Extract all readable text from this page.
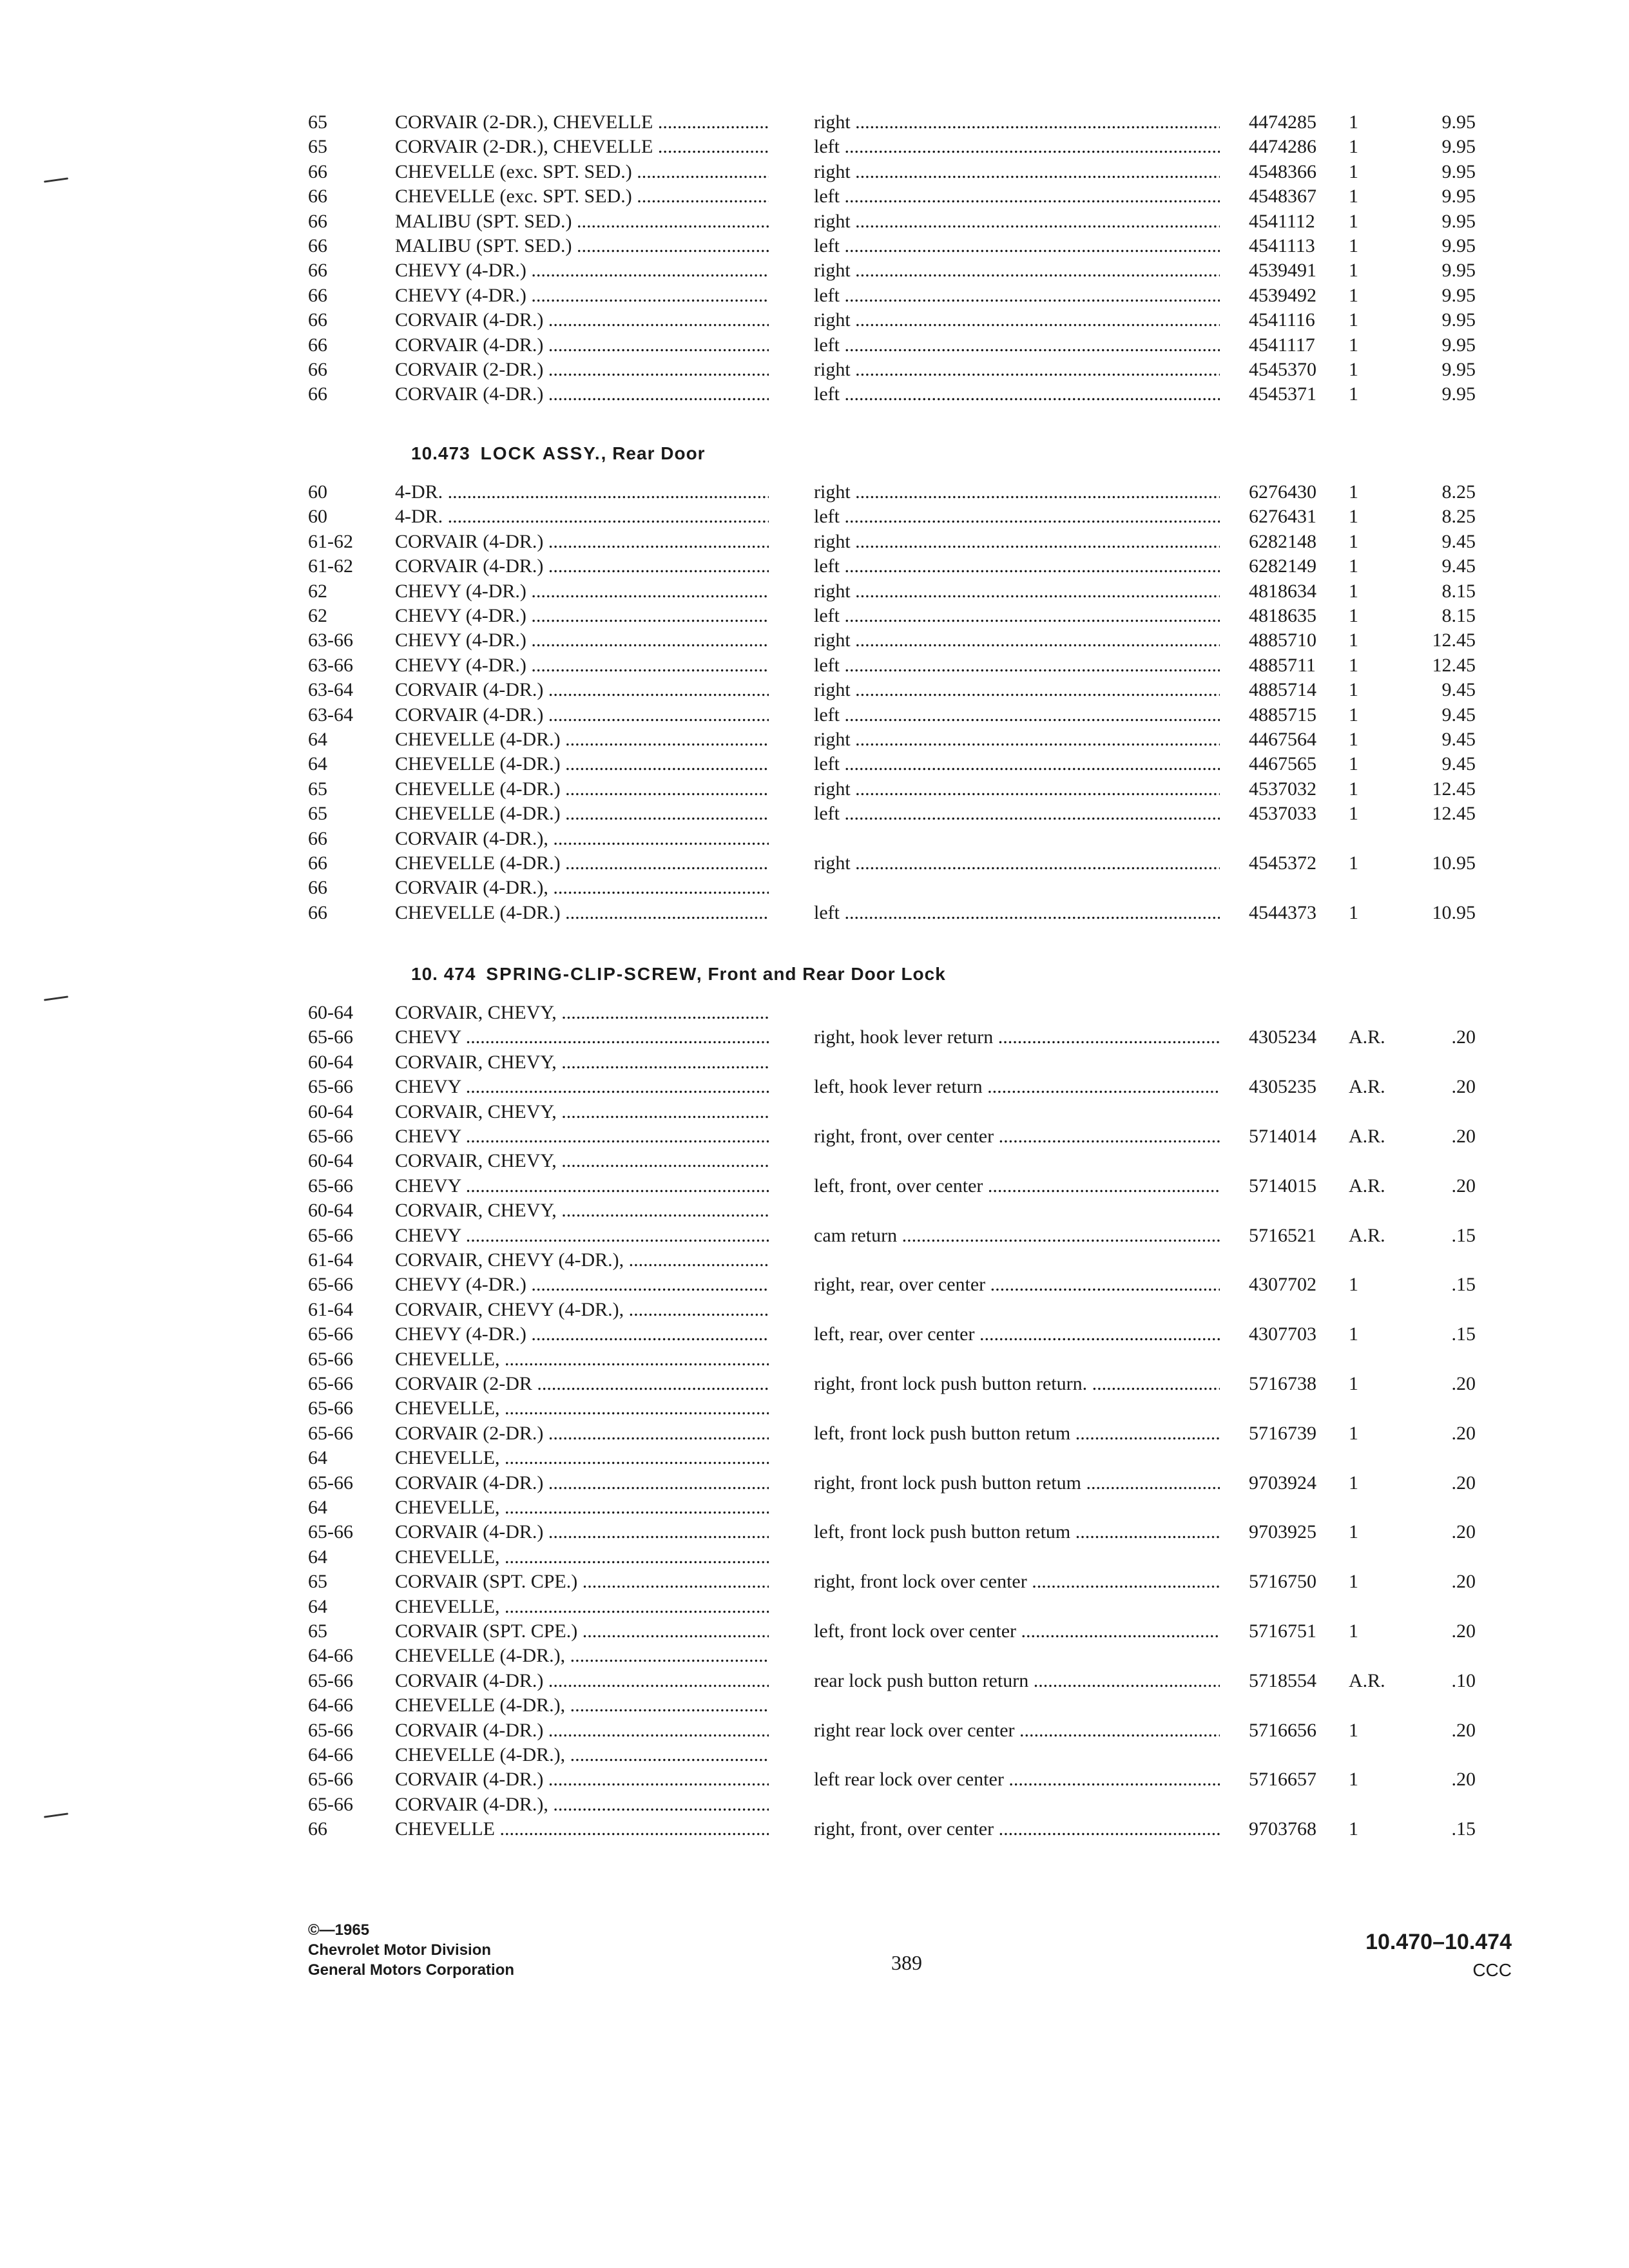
65	CORVAIR (2-DR.), CHEVELLE .....	right .....	4474285	1	9.95
65	CORVAIR (2-DR.), CHEVELLE .....	left .....	4474286	1	9.95
66	CHEVELLE (exc. SPT. SED.) .....	right .....	4548366	1	9.95
66	CHEVELLE (exc. SPT. SED.) .....	left .....	4548367	1	9.95
66	MALIBU (SPT. SED.) .....	right .....	4541112	1	9.95
66	MALIBU (SPT. SED.) .....	left .....	4541113	1	9.95
66	CHEVY (4-DR.) .....	right .....	4539491	1	9.95
66	CHEVY (4-DR.) .....	left .....	4539492	1	9.95
66	CORVAIR (4-DR.) .....	right .....	4541116	1	9.95
66	CORVAIR (4-DR.) .....	left .....	4541117	1	9.95
66	CORVAIR (2-DR.) .....	right .....	4545370	1	9.95
66	CORVAIR (4-DR.) .....	left .....	4545371	1	9.95
10.473 LOCK ASSY., Rear Door
60	4-DR. .....	right .....	6276430	1	8.25
60	4-DR. .....	left .....	6276431	1	8.25
61-62	CORVAIR (4-DR.) .....	right .....	6282148	1	9.45
61-62	CORVAIR (4-DR.) .....	left .....	6282149	1	9.45
62	CHEVY (4-DR.) .....	right .....	4818634	1	8.15
62	CHEVY (4-DR.) .....	left .....	4818635	1	8.15
63-66	CHEVY (4-DR.) .....	right .....	4885710	1	12.45
63-66	CHEVY (4-DR.) .....	left .....	4885711	1	12.45
63-64	CORVAIR (4-DR.) .....	right .....	4885714	1	9.45
63-64	CORVAIR (4-DR.) .....	left .....	4885715	1	9.45
64	CHEVELLE (4-DR.) .....	right .....	4467564	1	9.45
64	CHEVELLE (4-DR.) .....	left .....	4467565	1	9.45
65	CHEVELLE (4-DR.) .....	right .....	4537032	1	12.45
65	CHEVELLE (4-DR.) .....	left .....	4537033	1	12.45
66	CORVAIR (4-DR.), .....
66	CHEVELLE (4-DR.) .....	right .....	4545372	1	10.95
66	CORVAIR (4-DR.), .....
66	CHEVELLE (4-DR.) .....	left .....	4544373	1	10.95
10. 474 SPRING-CLIP-SCREW, Front and Rear Door Lock
60-64	CORVAIR, CHEVY, .....
65-66	CHEVY .....	right, hook lever return .....	4305234	A.R.	.20
60-64	CORVAIR, CHEVY, .....
65-66	CHEVY .....	left, hook lever return .....	4305235	A.R.	.20
60-64	CORVAIR, CHEVY, .....
65-66	CHEVY .....	right, front, over center .....	5714014	A.R.	.20
60-64	CORVAIR, CHEVY, .....
65-66	CHEVY .....	left, front, over center .....	5714015	A.R.	.20
60-64	CORVAIR, CHEVY, .....
65-66	CHEVY .....	cam return .....	5716521	A.R.	.15
61-64	CORVAIR, CHEVY (4-DR.), .....
65-66	CHEVY (4-DR.) .....	right, rear, over center .....	4307702	1	.15
61-64	CORVAIR, CHEVY (4-DR.), .....
65-66	CHEVY (4-DR.) .....	left, rear, over center .....	4307703	1	.15
65-66	CHEVELLE, .....
65-66	CORVAIR (2-DR .....	right, front lock push button return. .....	5716738	1	.20
65-66	CHEVELLE, .....
65-66	CORVAIR (2-DR.) .....	left, front lock push button retum .....	5716739	1	.20
64	CHEVELLE, .....
65-66	CORVAIR (4-DR.) .....	right, front lock push button retum .....	9703924	1	.20
64	CHEVELLE, .....
65-66	CORVAIR (4-DR.) .....	left, front lock push button retum .....	9703925	1	.20
64	CHEVELLE, .....
65	CORVAIR (SPT. CPE.) .....	right, front lock over center .....	5716750	1	.20
64	CHEVELLE, .....
65	CORVAIR (SPT. CPE.) .....	left, front lock over center .....	5716751	1	.20
64-66	CHEVELLE (4-DR.), .....
65-66	CORVAIR (4-DR.) .....	rear lock push button return .....	5718554	A.R.	.10
64-66	CHEVELLE (4-DR.), .....
65-66	CORVAIR (4-DR.) .....	right rear lock over center .....	5716656	1	.20
64-66	CHEVELLE (4-DR.), .....
65-66	CORVAIR (4-DR.) .....	left rear lock over center .....	5716657	1	.20
65-66	CORVAIR (4-DR.), .....
66	CHEVELLE .....	right, front, over center .....	9703768	1	.15
©—1965
Chevrolet Motor Division
General Motors Corporation	389
10.470–10.474
CCC
